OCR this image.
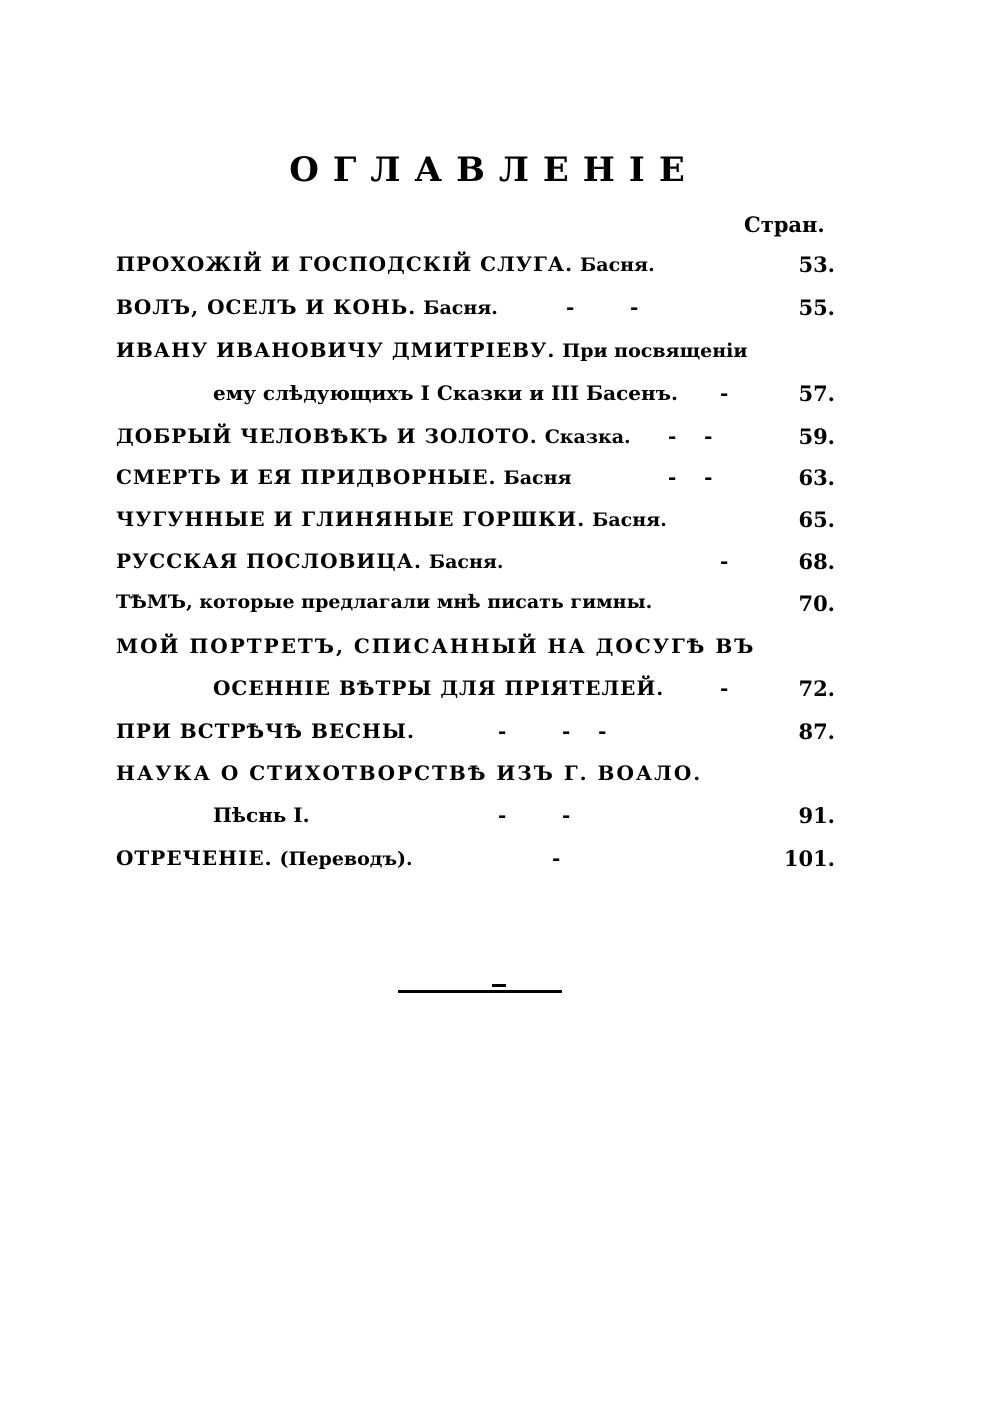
ОГЛАВЛЕНІЕ
Стран.
ПРОХОЖІЙ И ГОСПОДСКІЙ СЛУГА. Басня.	53.
ВОЛЪ, ОСЕЛЪ И КОНЬ. Басня.	-        -	55.
ИВАНУ ИВАНОВИЧУ ДМИТРІЕВУ. При посвященіи
ему слѣдующихъ I Сказки и III Басенъ. -	57.
ДОБРЫЙ ЧЕЛОВѢКЪ И ЗОЛОТО. Сказка. -    -	59.
СМЕРТЬ И ЕЯ ПРИДВОРНЫЕ. Басня	-    -	63.
ЧУГУННЫЕ И ГЛИНЯНЫЕ ГОРШКИ. Басня.	65.
РУССКАЯ ПОСЛОВИЦА. Басня.	-	68.
ТѢМЪ, которые предлагали мнѣ писать гимны.	70.
МОЙ ПОРТРЕТЪ, СПИСАННЫЙ НА ДОСУГѢ ВЪ
ОСЕННІЕ ВѢТРЫ ДЛЯ ПРІЯТЕЛЕЙ.	-	72.
ПРИ ВСТРѢЧѢ ВЕСНЫ.	-        -    -	87.
НАУКА О СТИХОТВОРСТВѢ ИЗЪ Г. ВОАЛО.
Пѣснь I.	-        -	91.
ОТРЕЧЕНІЕ. (Переводъ).	-	101.
